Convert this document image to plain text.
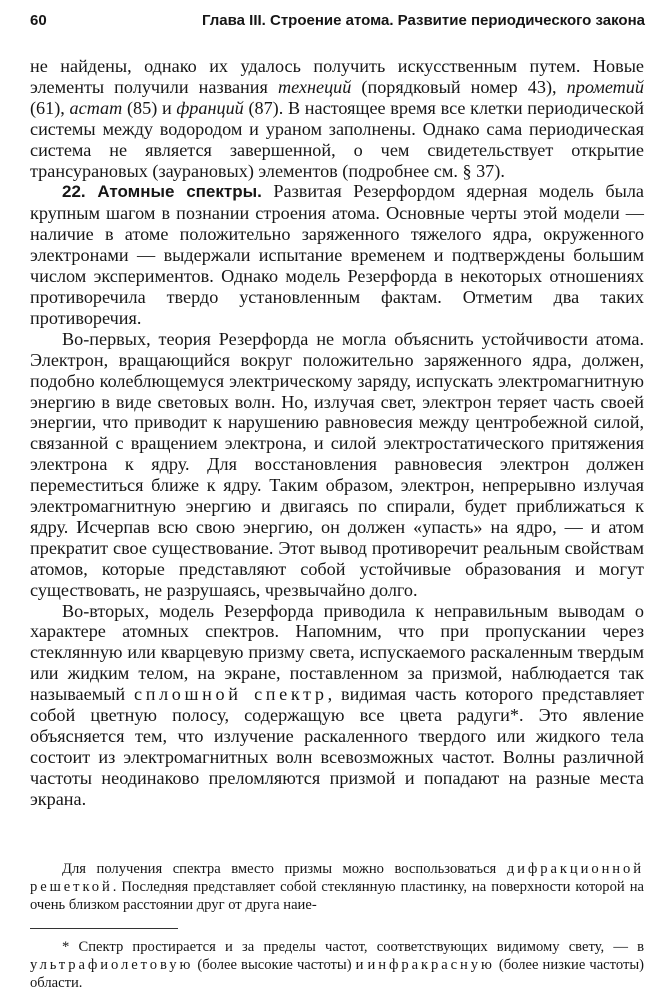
60	Глава III. Строение атома. Развитие периодического закона

не найдены, однако их удалось получить искусственным путем. Новые элементы получили названия технеций (порядковый номер 43), прометий (61), астат (85) и франций (87). В настоящее время все клетки периодической системы между водородом и ураном заполнены. Однако сама периодическая система не является завершенной, о чем свидетельствует открытие трансурановых (заурановых) элементов (подробнее см. § 37).

22. Атомные спектры. Развитая Резерфордом ядерная модель была крупным шагом в познании строения атома. Основные черты этой модели — наличие в атоме положительно заряженного тяжелого ядра, окруженного электронами — выдержали испытание временем и подтверждены большим числом экспериментов. Однако модель Резерфорда в некоторых отношениях противоречила твердо установленным фактам. Отметим два таких противоречия.

Во-первых, теория Резерфорда не могла объяснить устойчивости атома. Электрон, вращающийся вокруг положительно заряженного ядра, должен, подобно колеблющемуся электрическому заряду, испускать электромагнитную энергию в виде световых волн. Но, излучая свет, электрон теряет часть своей энергии, что приводит к нарушению равновесия между центробежной силой, связанной с вращением электрона, и силой электростатического притяжения электрона к ядру. Для восстановления равновесия электрон должен переместиться ближе к ядру. Таким образом, электрон, непрерывно излучая электромагнитную энергию и двигаясь по спирали, будет приближаться к ядру. Исчерпав всю свою энергию, он должен «упасть» на ядро, — и атом прекратит свое существование. Этот вывод противоречит реальным свойствам атомов, которые представляют собой устойчивые образования и могут существовать, не разрушаясь, чрезвычайно долго.

Во-вторых, модель Резерфорда приводила к неправильным выводам о характере атомных спектров. Напомним, что при пропускании через стеклянную или кварцевую призму света, испускаемого раскаленным твердым или жидким телом, на экране, поставленном за призмой, наблюдается так называемый сплошной спектр, видимая часть которого представляет собой цветную полосу, содержащую все цвета радуги*. Это явление объясняется тем, что излучение раскаленного твердого или жидкого тела состоит из электромагнитных волн всевозможных частот. Волны различной частоты неодинаково преломляются призмой и попадают на разные места экрана.

Для получения спектра вместо призмы можно воспользоваться дифракционной решеткой. Последняя представляет собой стеклянную пластинку, на поверхности которой на очень близком расстоянии друг от друга наие-
* Спектр простирается и за пределы частот, соответствующих видимому свету, — в ультрафиолетовую (более высокие частоты) и инфракрасную (более низкие частоты) области.
